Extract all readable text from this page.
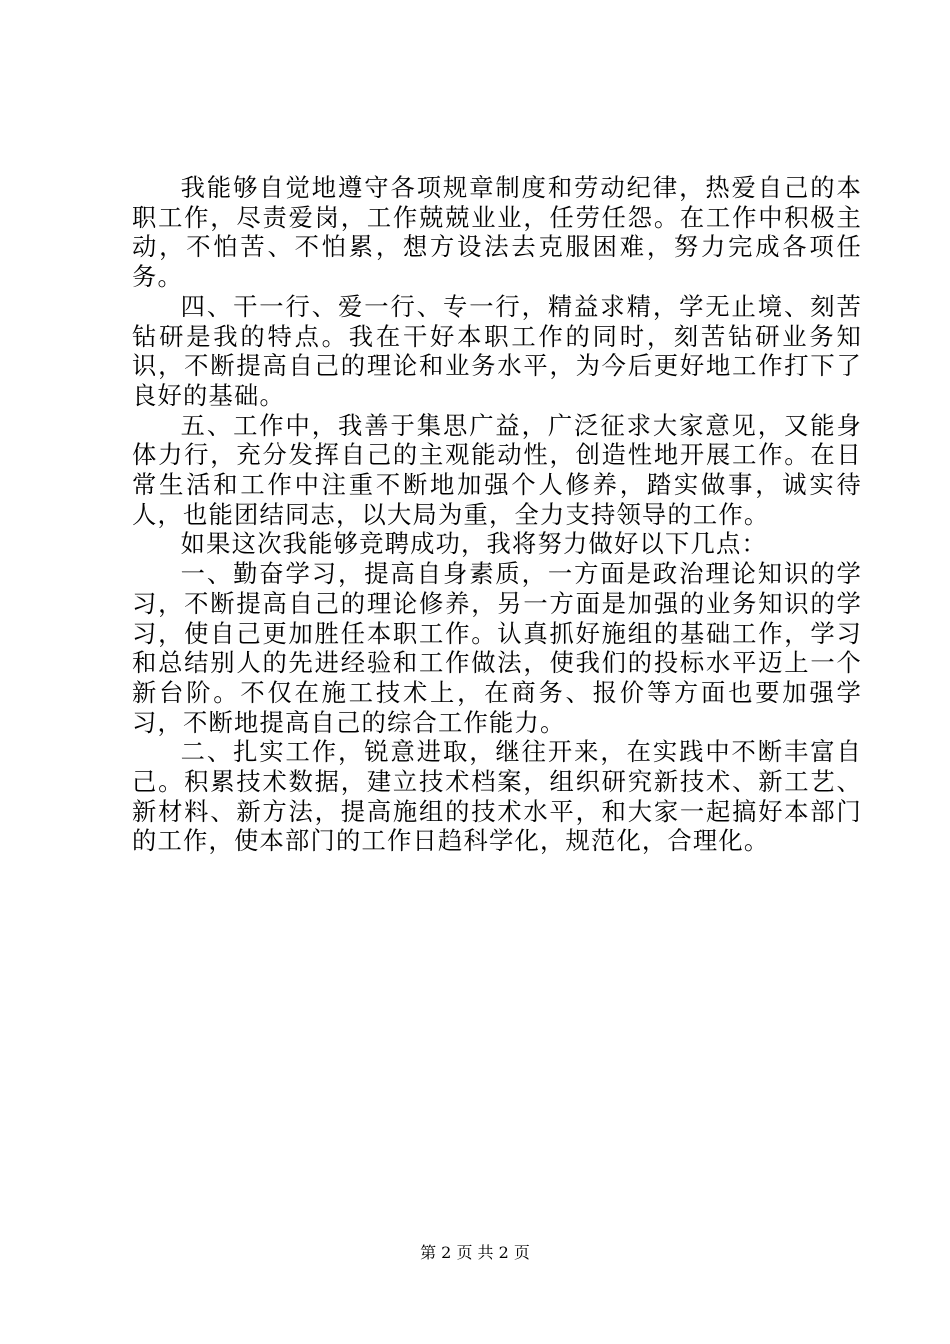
我能够自觉地遵守各项规章制度和劳动纪律，热爱自己的本职工作，尽责爱岗，工作兢兢业业，任劳任怨。在工作中积极主动，不怕苦、不怕累，想方设法去克服困难，努力完成各项任务。

四、干一行、爱一行、专一行，精益求精，学无止境、刻苦钻研是我的特点。我在干好本职工作的同时，刻苦钻研业务知识，不断提高自己的理论和业务水平，为今后更好地工作打下了良好的基础。

五、工作中，我善于集思广益，广泛征求大家意见，又能身体力行，充分发挥自己的主观能动性，创造性地开展工作。在日常生活和工作中注重不断地加强个人修养，踏实做事，诚实待人，也能团结同志，以大局为重，全力支持领导的工作。

如果这次我能够竞聘成功，我将努力做好以下几点：

一、勤奋学习，提高自身素质，一方面是政治理论知识的学习，不断提高自己的理论修养，另一方面是加强的业务知识的学习，使自己更加胜任本职工作。认真抓好施组的基础工作，学习和总结别人的先进经验和工作做法，使我们的投标水平迈上一个新台阶。不仅在施工技术上，在商务、报价等方面也要加强学习，不断地提高自己的综合工作能力。

二、扎实工作，锐意进取，继往开来，在实践中不断丰富自己。积累技术数据，建立技术档案，组织研究新技术、新工艺、新材料、新方法，提高施组的技术水平，和大家一起搞好本部门的工作，使本部门的工作日趋科学化，规范化，合理化。

第 2 页 共 2 页
